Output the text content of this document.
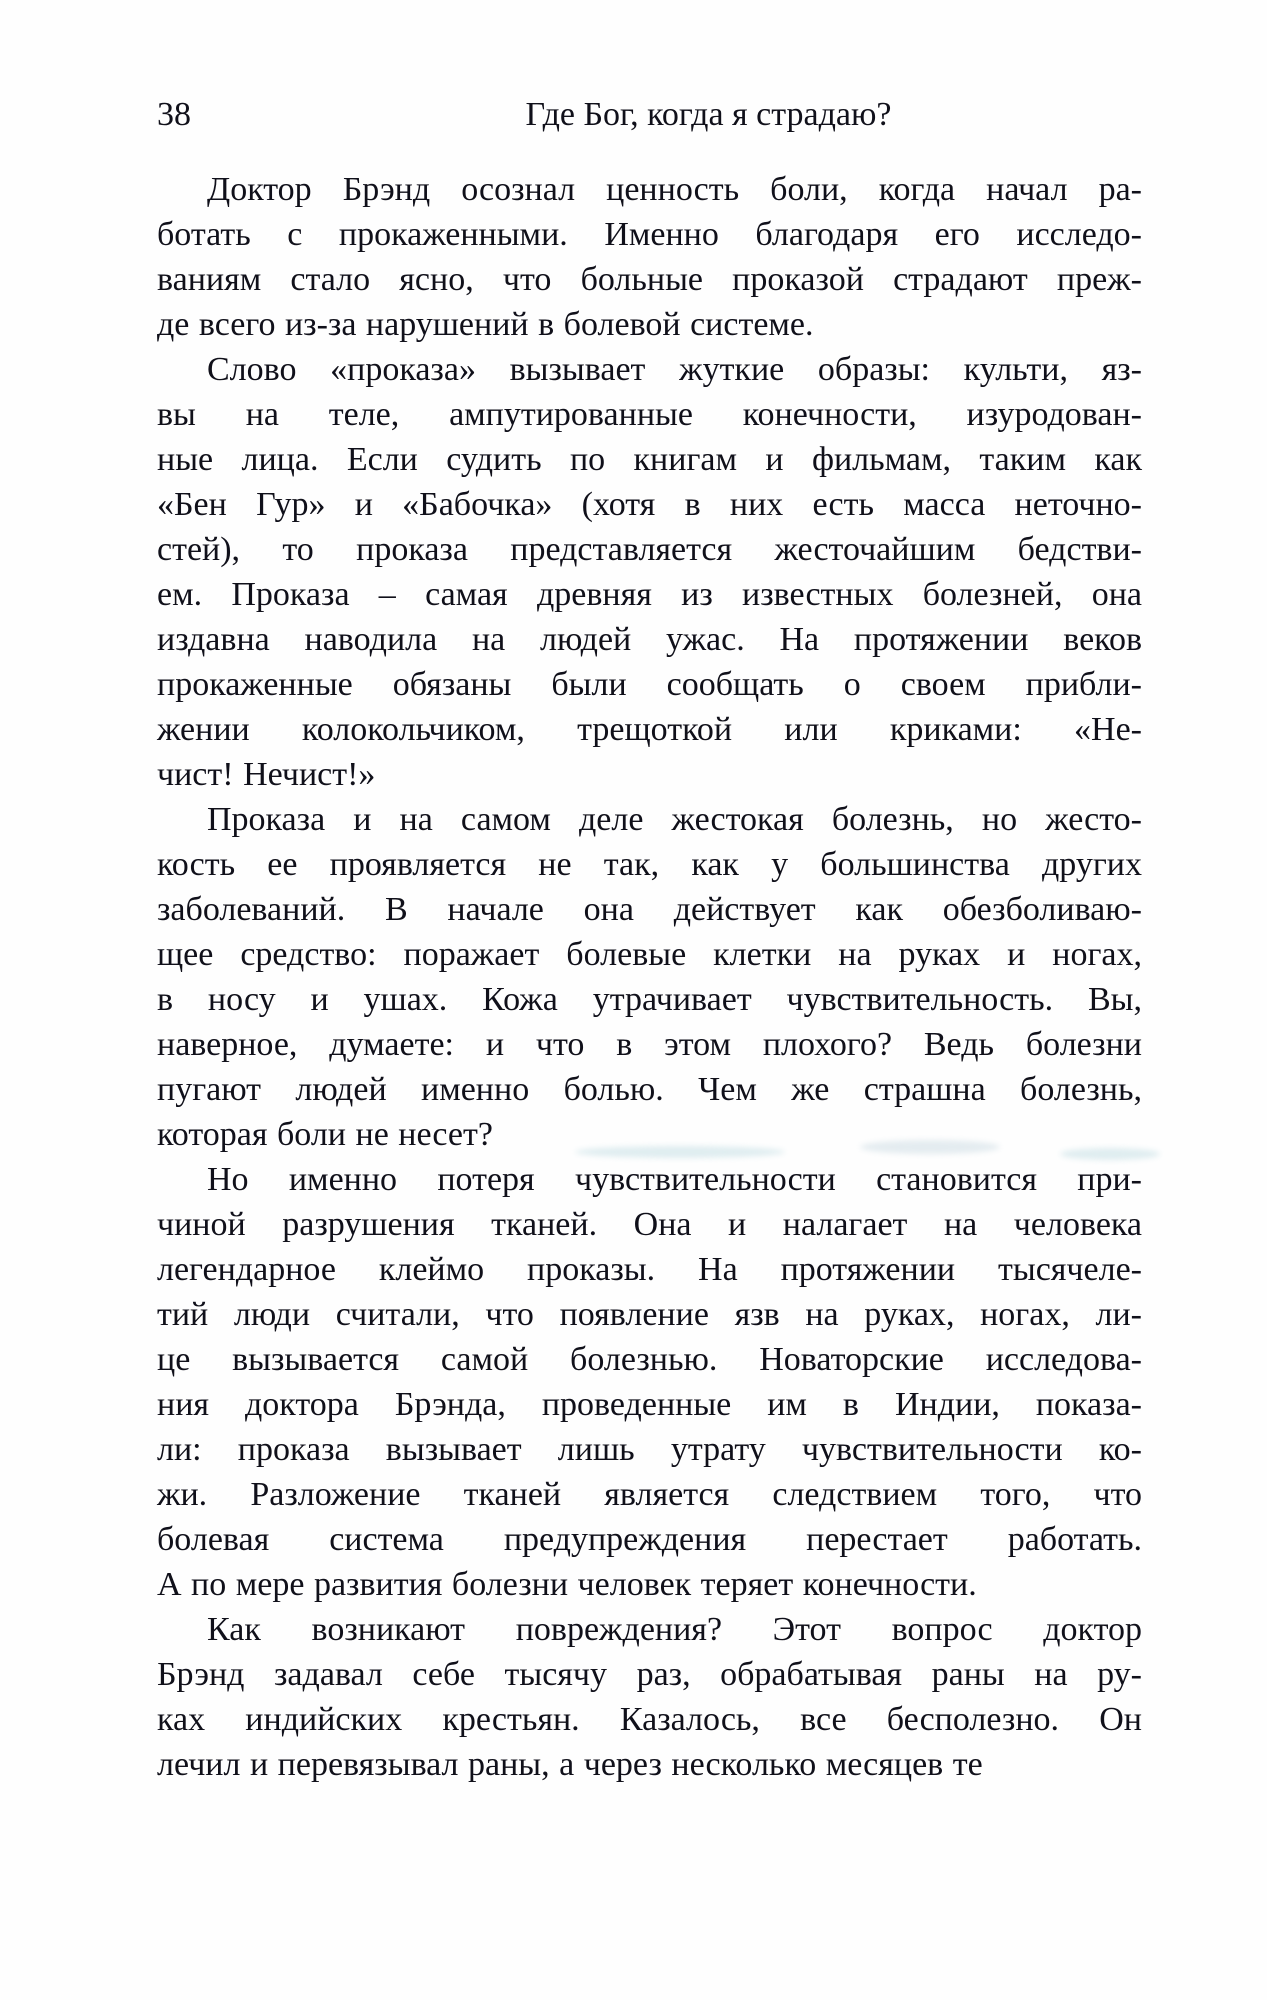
38	Где Бог, когда я страдаю?
Доктор Брэнд осознал ценность боли, когда начал ра-
ботать с прокаженными. Именно благодаря его исследо-
ваниям стало ясно, что больные проказой страдают преж-
де всего из-за нарушений в болевой системе.
Слово «проказа» вызывает жуткие образы: культи, яз-
вы на теле, ампутированные конечности, изуродован-
ные лица. Если судить по книгам и фильмам, таким как
«Бен Гур» и «Бабочка» (хотя в них есть масса неточно-
стей), то проказа представляется жесточайшим бедстви-
ем. Проказа – самая древняя из известных болезней, она
издавна наводила на людей ужас. На протяжении веков
прокаженные обязаны были сообщать о своем прибли-
жении колокольчиком, трещоткой или криками: «Не-
чист! Нечист!»
Проказа и на самом деле жестокая болезнь, но жесто-
кость ее проявляется не так, как у большинства других
заболеваний. В начале она действует как обезболиваю-
щее средство: поражает болевые клетки на руках и ногах,
в носу и ушах. Кожа утрачивает чувствительность. Вы,
наверное, думаете: и что в этом плохого? Ведь болезни
пугают людей именно болью. Чем же страшна болезнь,
которая боли не несет?
Но именно потеря чувствительности становится при-
чиной разрушения тканей. Она и налагает на человека
легендарное клеймо проказы. На протяжении тысячеле-
тий люди считали, что появление язв на руках, ногах, ли-
це вызывается самой болезнью. Новаторские исследова-
ния доктора Брэнда, проведенные им в Индии, показа-
ли: проказа вызывает лишь утрату чувствительности ко-
жи. Разложение тканей является следствием того, что
болевая система предупреждения перестает работать.
А по мере развития болезни человек теряет конечности.
Как возникают повреждения? Этот вопрос доктор
Брэнд задавал себе тысячу раз, обрабатывая раны на ру-
ках индийских крестьян. Казалось, все бесполезно. Он
лечил и перевязывал раны, а через несколько месяцев те
